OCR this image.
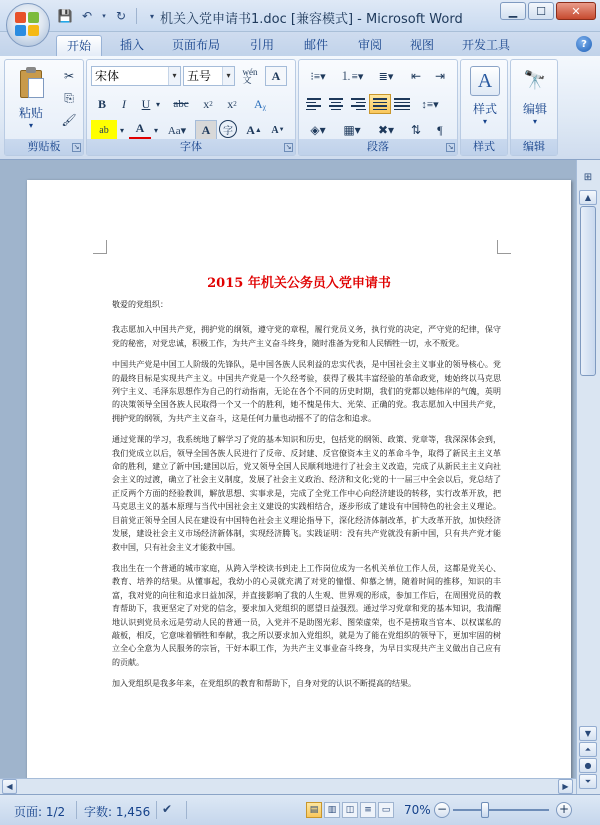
💾 ↶	▾ ↻	▾ 机关入党申请书1.doc [兼容模式] - Microsoft Word
▁	☐	✕
开始	插入	页面布局	引用	邮件	审阅	视图	开发工具	?
粘贴
▾
✂
⎘
🖌
剪贴板	↘
宋体	▾ 五号	▾	wén
文	A
B	I	U ▾	abc	x 2	x 2	Aᵪ
ab	▾ A	▾ Aa▾	A	字	A ▲ A ▼
字体	↘
⁝≡▾	⒈≡▾	≣▾	⇤	⇥
↕≡▾
◈▾	▦▾	✖▾	⇅	¶
段落	↘
A
样式
▾
样式
🔭
编辑
▾
编辑
2015 年机关公务员入党申请书

敬爱的党组织：

我志愿加入中国共产党，拥护党的纲领，遵守党的章程，履行党员义务，执行党的决定，严守党的纪律，保守党的秘密，对党忠诚，积极工作，为共产主义奋斗终身，随时准备为党和人民牺牲一切，永不叛党。

中国共产党是中国工人阶级的先锋队，是中国各族人民利益的忠实代表，是中国社会主义事业的领导核心。党的最终目标是实现共产主义。中国共产党是一个久经考验，获得了极其丰富经验的革命政党，她始终以马克思列宁主义、毛泽东思想作为自己的行动指南，无论在各个不同的历史时期，我们的党都以她伟岸的气魄，英明的决策领导全国各族人民取得一个又一个的胜利，她不愧是伟大、光荣、正确的党。我志愿加入中国共产党，拥护党的纲领，为共产主义奋斗，这是任何力量也动摇不了的信念和追求。

通过党课的学习，我系统地了解学习了党的基本知识和历史，包括党的纲领、政策、党章等，我深深体会到，我们党成立以后，领导全国各族人民进行了反帝、反封建、反官僚资本主义的革命斗争，取得了新民主主义革命的胜利，建立了新中国;建国以后，党又领导全国人民顺利地进行了社会主义改造，完成了从新民主主义向社会主义的过渡，确立了社会主义制度，发展了社会主义政治、经济和文化;党的十一届三中全会以后，党总结了正反两个方面的经验教训，解放思想、实事求是，完成了全党工作中心向经济建设的转移，实行改革开放，把马克思主义的基本原理与当代中国社会主义建设的实践相结合，逐步形成了建设有中国特色的社会主义理论。目前党正领导全国人民在建设有中国特色社会主义理论指导下，深化经济体制改革，扩大改革开放，加快经济发展，建设社会主义市场经济新体制，实现经济腾飞。实践证明：没有共产党就没有新中国，只有共产党才能救中国，只有社会主义才能救中国。

我出生在一个普通的城市家庭，从跨入学校读书到走上工作岗位成为一名机关单位工作人员，这都是党关心、教育、培养的结果。从懂事起，我幼小的心灵就充满了对党的憧憬、仰慕之情，随着时间的推移，知识的丰富，我对党的向往和追求日益加深，并直接影响了我的人生观、世界观的形成，参加工作后，在周围党员的教育帮助下，我更坚定了对党的信念，要求加入党组织的愿望日益强烈。通过学习党章和党的基本知识，我清醒地认识到党员永远是劳动人民的普通一员，入党并不是助图光彩、图荣虚荣，也不是捞取当官本、以权谋私的敲板，相反，它意味着牺牲和奉献，我之所以要求加入党组织，就是为了能在党组织的领导下，更加牢固的树立全心全意为人民服务的宗旨，干好本职工作，为共产主义事业奋斗终身，为早日实现共产主义做出自己应有的贡献。

加入党组织是我多年来，在党组织的教育和帮助下，自身对党的认识不断提高的结果。

⊞
▲
▼
⏶
●
⏷
◀	▶
页面: 1/2 字数: 1,456 ✔	▤	▥	◫	≡	▭	70% −	+
